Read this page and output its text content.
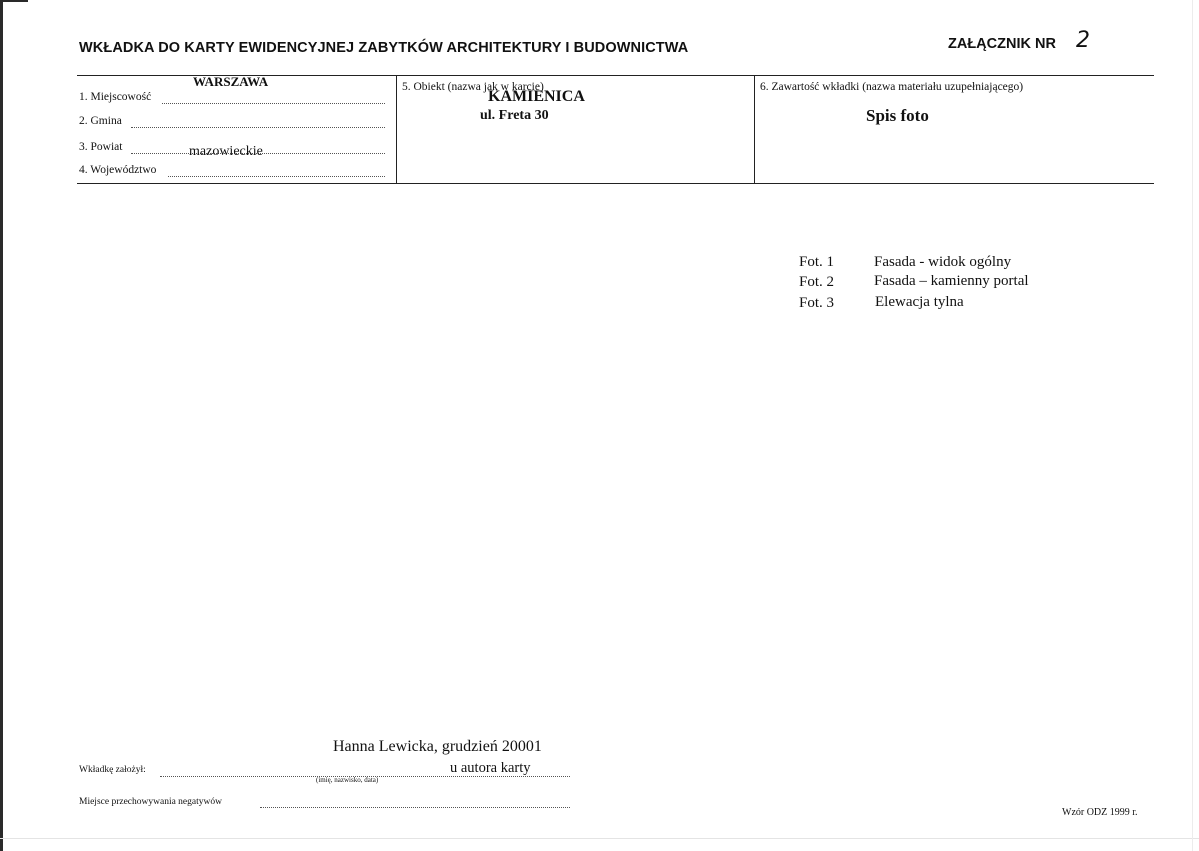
WKŁADKA DO KARTY EWIDENCYJNEJ ZABYTKÓW ARCHITEKTURY I BUDOWNICTWA	ZAŁĄCZNIK NR 2
WARSZAWA
1. Miejscowość
2. Gmina
3. Powiat	mazowieckie
4. Województwo
5. Obiekt (nazwa jak w karcie)
KAMIENICA
ul. Freta 30
6. Zawartość wkładki (nazwa materiału uzupełniającego)
Spis foto
Fot. 1	Fasada - widok ogólny
Fot. 2	Fasada – kamienny portal
Fot. 3	Elewacja tylna
Hanna Lewicka, grudzień 20001
Wkładkę założył:	u autora karty
(imię, nazwisko, data)
Miejsce przechowywania negatywów
Wzór ODZ 1999 r.
